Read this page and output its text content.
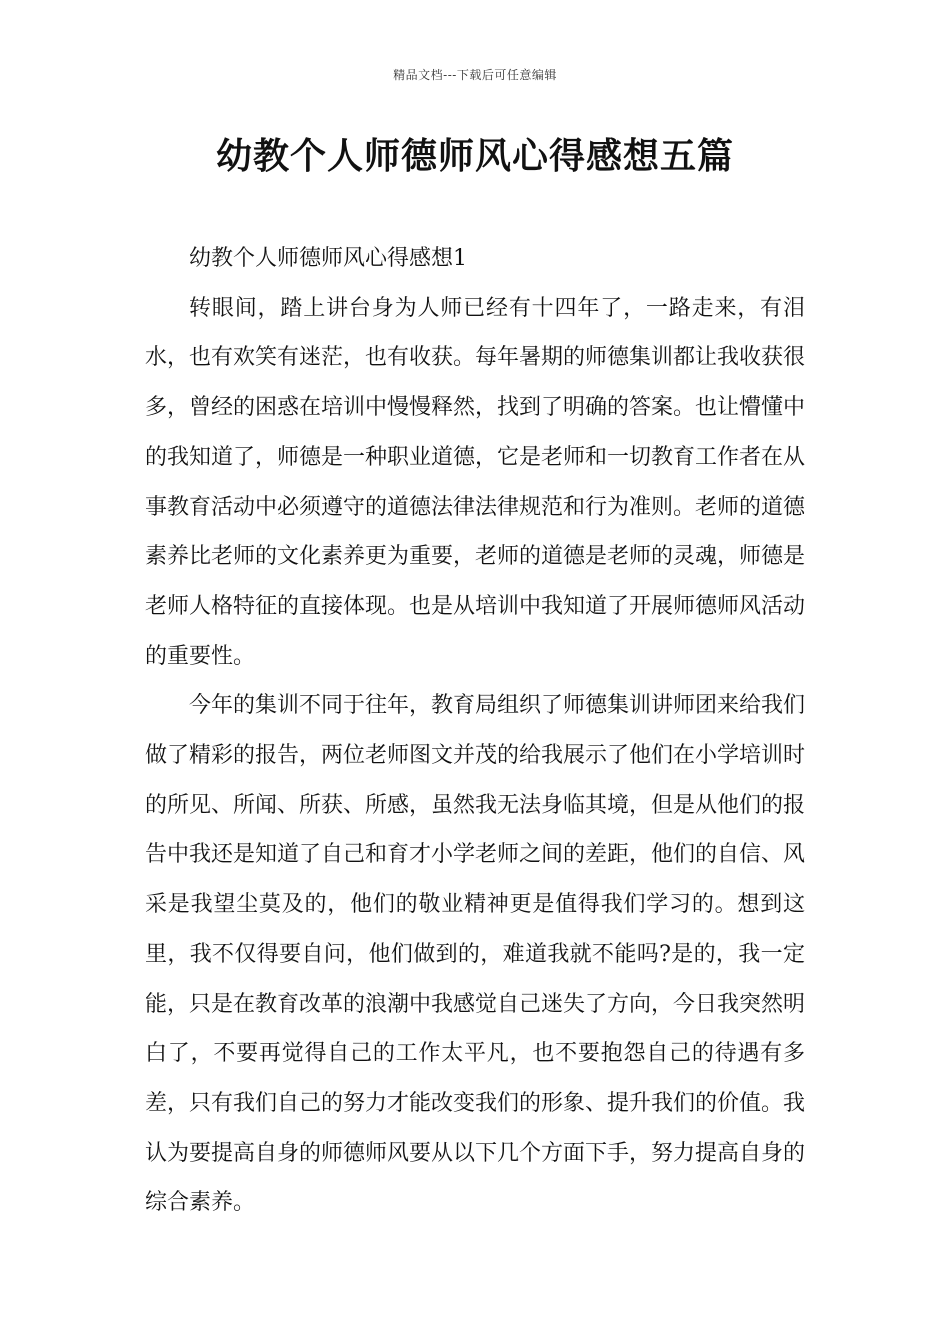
精品文档---下载后可任意编辑
幼教个人师德师风心得感想五篇
幼教个人师德师风心得感想1

转眼间，踏上讲台身为人师已经有十四年了，一路走来，有泪水，也有欢笑有迷茫，也有收获。每年暑期的师德集训都让我收获很多，曾经的困惑在培训中慢慢释然，找到了明确的答案。也让懵懂中的我知道了，师德是一种职业道德，它是老师和一切教育工作者在从事教育活动中必须遵守的道德法律法律规范和行为准则。老师的道德素养比老师的文化素养更为重要，老师的道德是老师的灵魂，师德是老师人格特征的直接体现。也是从培训中我知道了开展师德师风活动的重要性。

今年的集训不同于往年，教育局组织了师德集训讲师团来给我们做了精彩的报告，两位老师图文并茂的给我展示了他们在小学培训时的所见、所闻、所获、所感，虽然我无法身临其境，但是从他们的报告中我还是知道了自己和育才小学老师之间的差距，他们的自信、风采是我望尘莫及的，他们的敬业精神更是值得我们学习的。想到这里，我不仅得要自问，他们做到的，难道我就不能吗?是的，我一定能，只是在教育改革的浪潮中我感觉自己迷失了方向，今日我突然明白了，不要再觉得自己的工作太平凡，也不要抱怨自己的待遇有多差，只有我们自己的努力才能改变我们的形象、提升我们的价值。我认为要提高自身的师德师风要从以下几个方面下手，努力提高自身的综合素养。
